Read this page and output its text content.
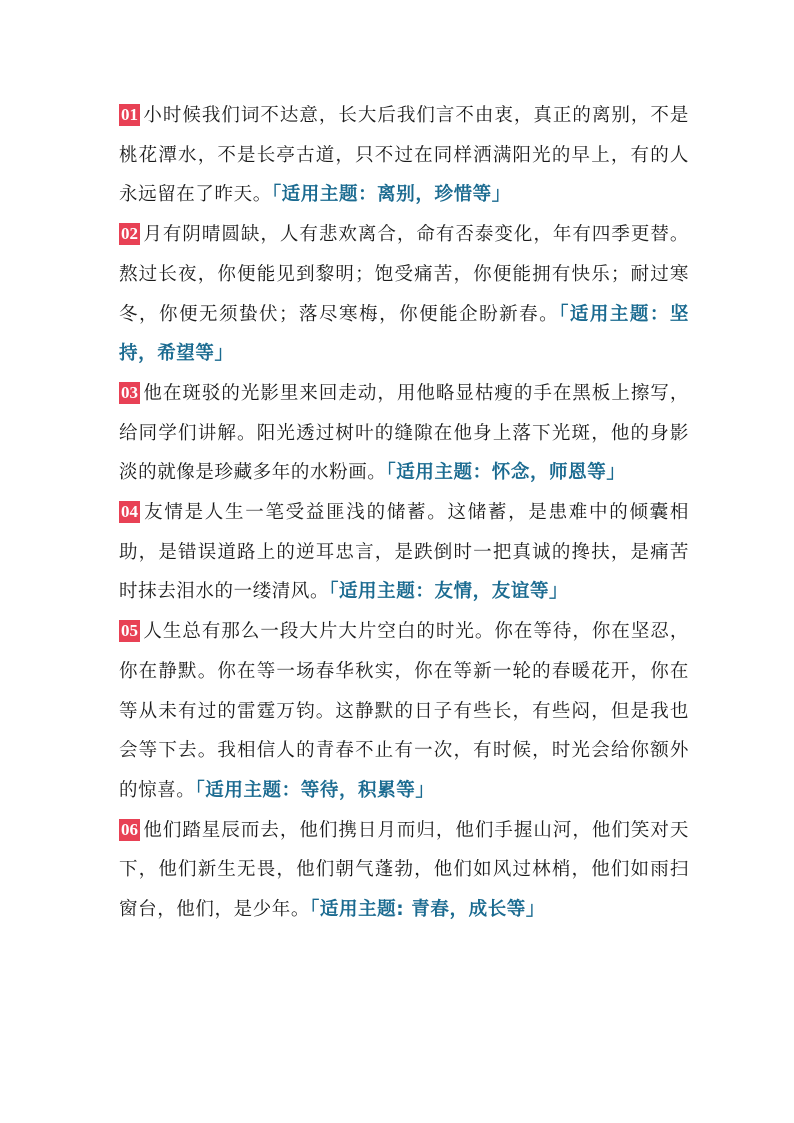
01 小时候我们词不达意，长大后我们言不由衷，真正的离别，不是桃花潭水，不是长亭古道，只不过在同样洒满阳光的早上，有的人永远留在了昨天。「适用主题：离别，珍惜等」

02 月有阴晴圆缺，人有悲欢离合，命有否泰变化，年有四季更替。熬过长夜，你便能见到黎明；饱受痛苦，你便能拥有快乐；耐过寒冬，你便无须蛰伏；落尽寒梅，你便能企盼新春。「适用主题：坚持，希望等」

03 他在斑驳的光影里来回走动，用他略显枯瘦的手在黑板上擦写，给同学们讲解。阳光透过树叶的缝隙在他身上落下光斑，他的身影淡的就像是珍藏多年的水粉画。「适用主题：怀念，师恩等」

04 友情是人生一笔受益匪浅的储蓄。这储蓄，是患难中的倾囊相助，是错误道路上的逆耳忠言，是跌倒时一把真诚的搀扶，是痛苦时抹去泪水的一缕清风。「适用主题：友情，友谊等」

05 人生总有那么一段大片大片空白的时光。你在等待，你在坚忍，你在静默。你在等一场春华秋实，你在等新一轮的春暖花开，你在等从未有过的雷霆万钧。这静默的日子有些长，有些闷，但是我也会等下去。我相信人的青春不止有一次，有时候，时光会给你额外的惊喜。「适用主题：等待，积累等」

06 他们踏星辰而去，他们携日月而归，他们手握山河，他们笑对天下，他们新生无畏，他们朝气蓬勃，他们如风过林梢，他们如雨扫窗台，他们，是少年。「适用主题: 青春，成长等」
